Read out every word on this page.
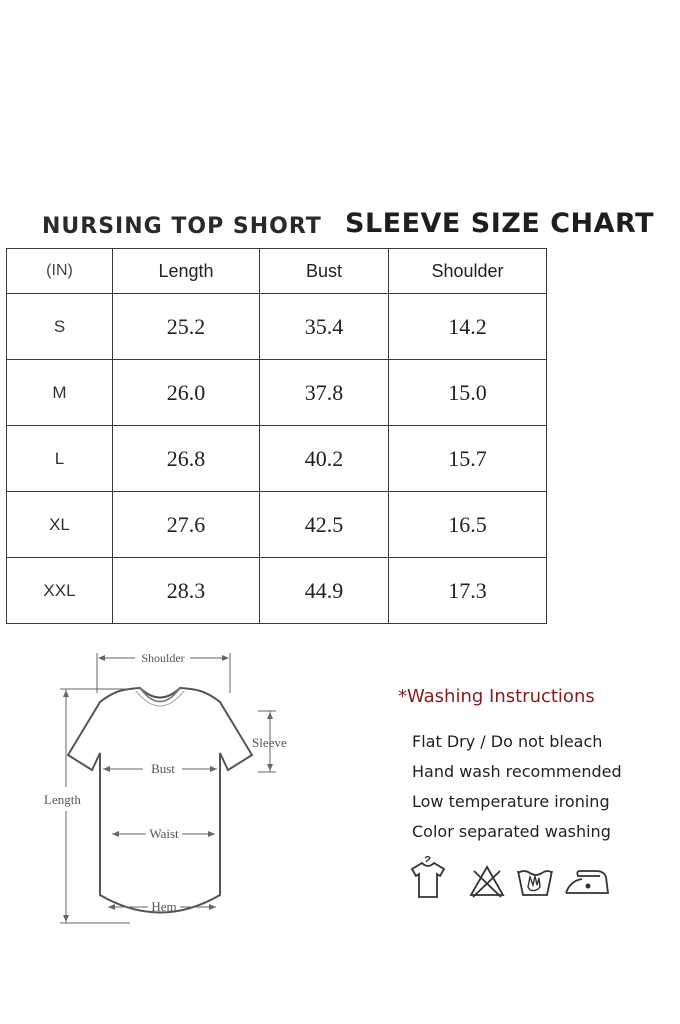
NURSING TOP SHORT SLEEVE SIZE CHART
(IN)	Length	Bust	Shoulder
S	25.2	35.4	14.2
M	26.0	37.8	15.0
L	26.8	40.2	15.7
XL	27.6	42.5	16.5
XXL	28.3	44.9	17.3
Shoulder
Sleeve
Bust
Waist
Hem
Length
*Washing Instructions
Flat Dry / Do not bleach
Hand wash recommended
Low temperature ironing
Color separated washing
